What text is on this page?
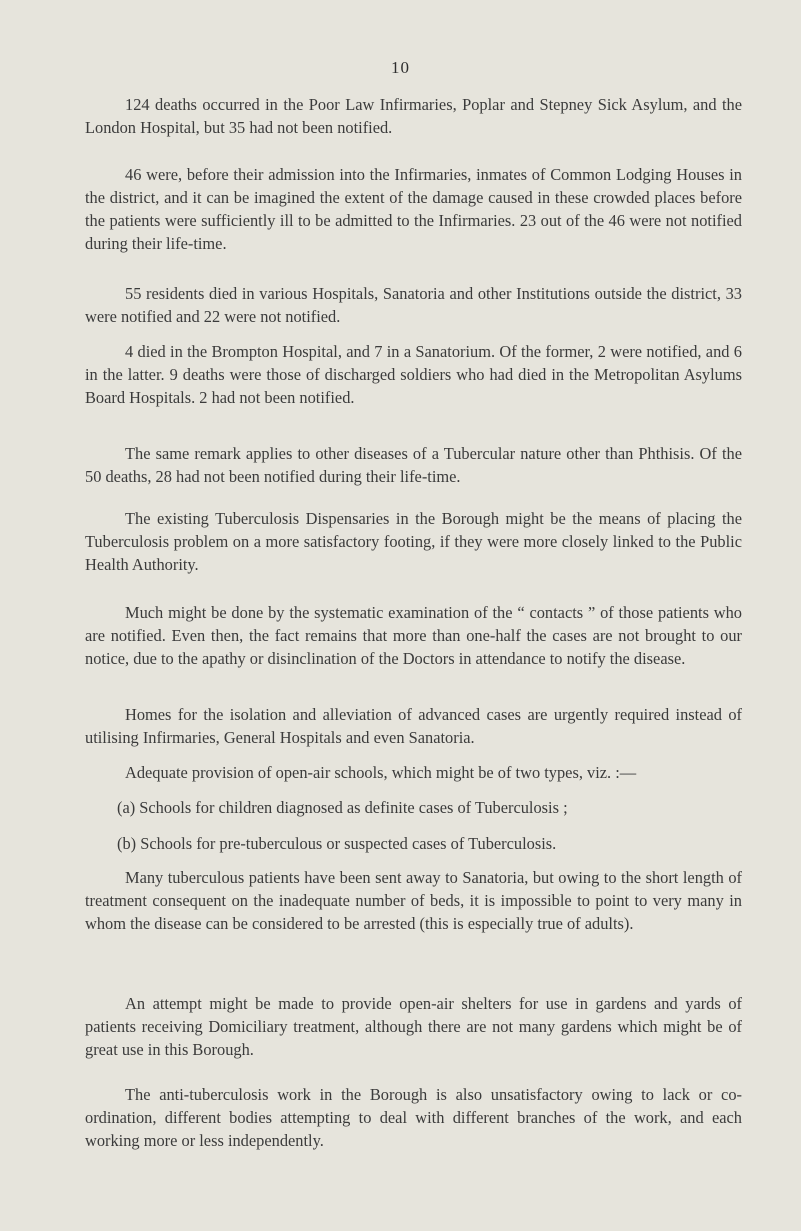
10

124 deaths occurred in the Poor Law Infirmaries, Poplar and Stepney Sick Asylum, and the London Hospital, but 35 had not been notified.

46 were, before their admission into the Infirmaries, inmates of Common Lodging Houses in the district, and it can be imagined the extent of the damage caused in these crowded places before the patients were sufficiently ill to be admitted to the Infirmaries. 23 out of the 46 were not notified during their life-time.

55 residents died in various Hospitals, Sanatoria and other Institutions outside the district, 33 were notified and 22 were not notified.

4 died in the Brompton Hospital, and 7 in a Sanatorium. Of the former, 2 were notified, and 6 in the latter. 9 deaths were those of discharged soldiers who had died in the Metropolitan Asylums Board Hospitals. 2 had not been notified.

The same remark applies to other diseases of a Tubercular nature other than Phthisis. Of the 50 deaths, 28 had not been notified during their life-time.

The existing Tuberculosis Dispensaries in the Borough might be the means of placing the Tuberculosis problem on a more satisfactory footing, if they were more closely linked to the Public Health Authority.

Much might be done by the systematic examination of the “ contacts ” of those patients who are notified. Even then, the fact remains that more than one-half the cases are not brought to our notice, due to the apathy or disinclination of the Doctors in attendance to notify the disease.

Homes for the isolation and alleviation of advanced cases are urgently required instead of utilising Infirmaries, General Hospitals and even Sanatoria.

Adequate provision of open-air schools, which might be of two types, viz. :—

(a) Schools for children diagnosed as definite cases of Tuberculosis ;

(b) Schools for pre-tuberculous or suspected cases of Tuberculosis.

Many tuberculous patients have been sent away to Sanatoria, but owing to the short length of treatment consequent on the inadequate number of beds, it is impossible to point to very many in whom the disease can be considered to be arrested (this is especially true of adults).

An attempt might be made to provide open-air shelters for use in gardens and yards of patients receiving Domiciliary treatment, although there are not many gardens which might be of great use in this Borough.

The anti-tuberculosis work in the Borough is also unsatisfactory owing to lack or co-ordination, different bodies attempting to deal with different branches of the work, and each working more or less independently.
